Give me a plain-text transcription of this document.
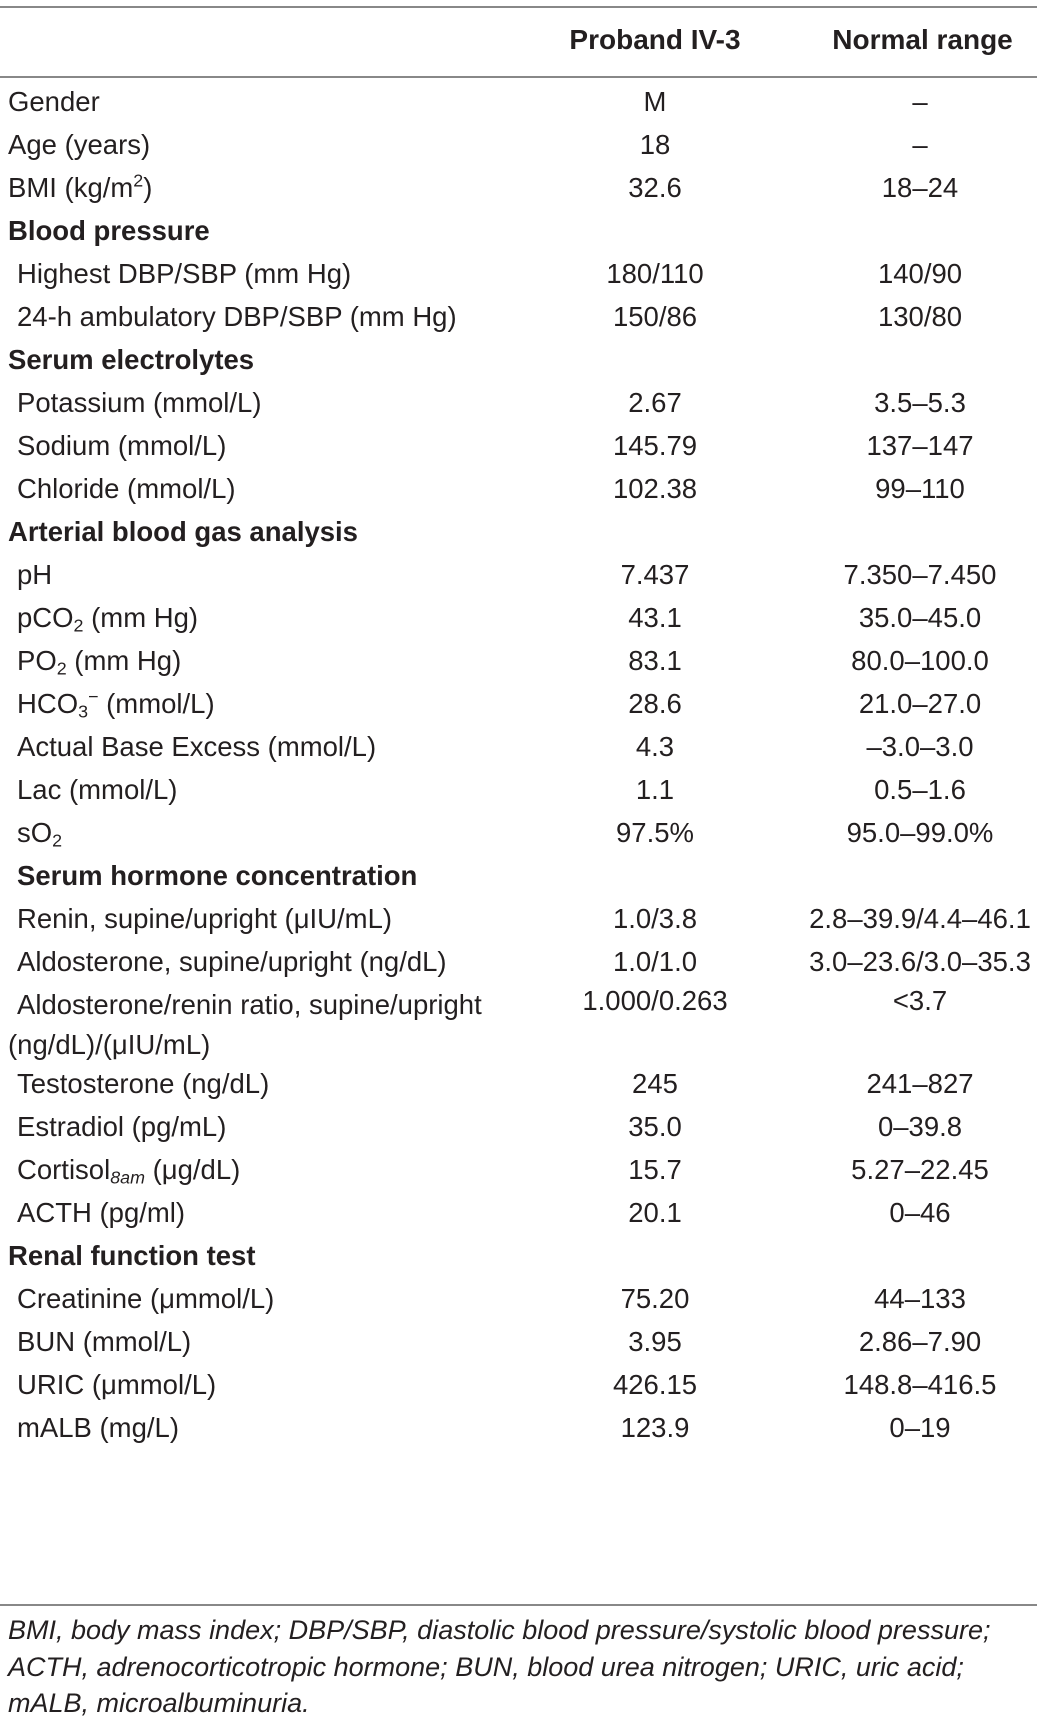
Proband IV-3	Normal range
Gender	M	–
Age (years)	18	–
BMI $(kg/m^2)$	32.6	18–24
Blood pressure
Highest DBP/SBP (mm Hg)	180/110	140/90
24-h ambulatory DBP/SBP (mm Hg)	150/86	130/80
Serum electrolytes
Potassium (mmol/L)	2.67	3.5–5.3
Sodium (mmol/L)	145.79	137–147
Chloride (mmol/L)	102.38	99–110
Arterial blood gas analysis
pH	7.437	7.350–7.450
pCO$_2$ (mm Hg)	43.1	35.0–45.0
$PO_2$ (mm Hg)	83.1	80.0–100.0
$HCO_3^-$ (mmol/L)	28.6	21.0–27.0
Actual Base Excess (mmol/L)	4.3	–3.0–3.0
Lac (mmol/L)	1.1	0.5–1.6
$sO_2$	97.5%	95.0–99.0%
Serum hormone concentration
Renin, supine/upright (μIU/mL)	1.0/3.8	2.8–39.9/4.4–46.1
Aldosterone, supine/upright (ng/dL)	1.0/1.0	3.0–23.6/3.0–35.3
Aldosterone/renin ratio, supine/upright
(ng/dL)/(μIU/mL)
1.000/0.263	<3.7
Testosterone (ng/dL)	245	241–827
Estradiol (pg/mL)	35.0	0–39.8
Cortisol$_{8am}$ (μg/dL)	15.7	5.27–22.45
ACTH (pg/ml)	20.1	0–46
Renal function test
Creatinine (μmmol/L)	75.20	44–133
BUN (mmol/L)	3.95	2.86–7.90
URIC (μmmol/L)	426.15	148.8–416.5
mALB (mg/L)	123.9	0–19
BMI, body mass index; DBP/SBP, diastolic blood pressure/systolic blood pressure; ACTH, adrenocorticotropic hormone; BUN, blood urea nitrogen; URIC, uric acid; mALB, microalbuminuria.
